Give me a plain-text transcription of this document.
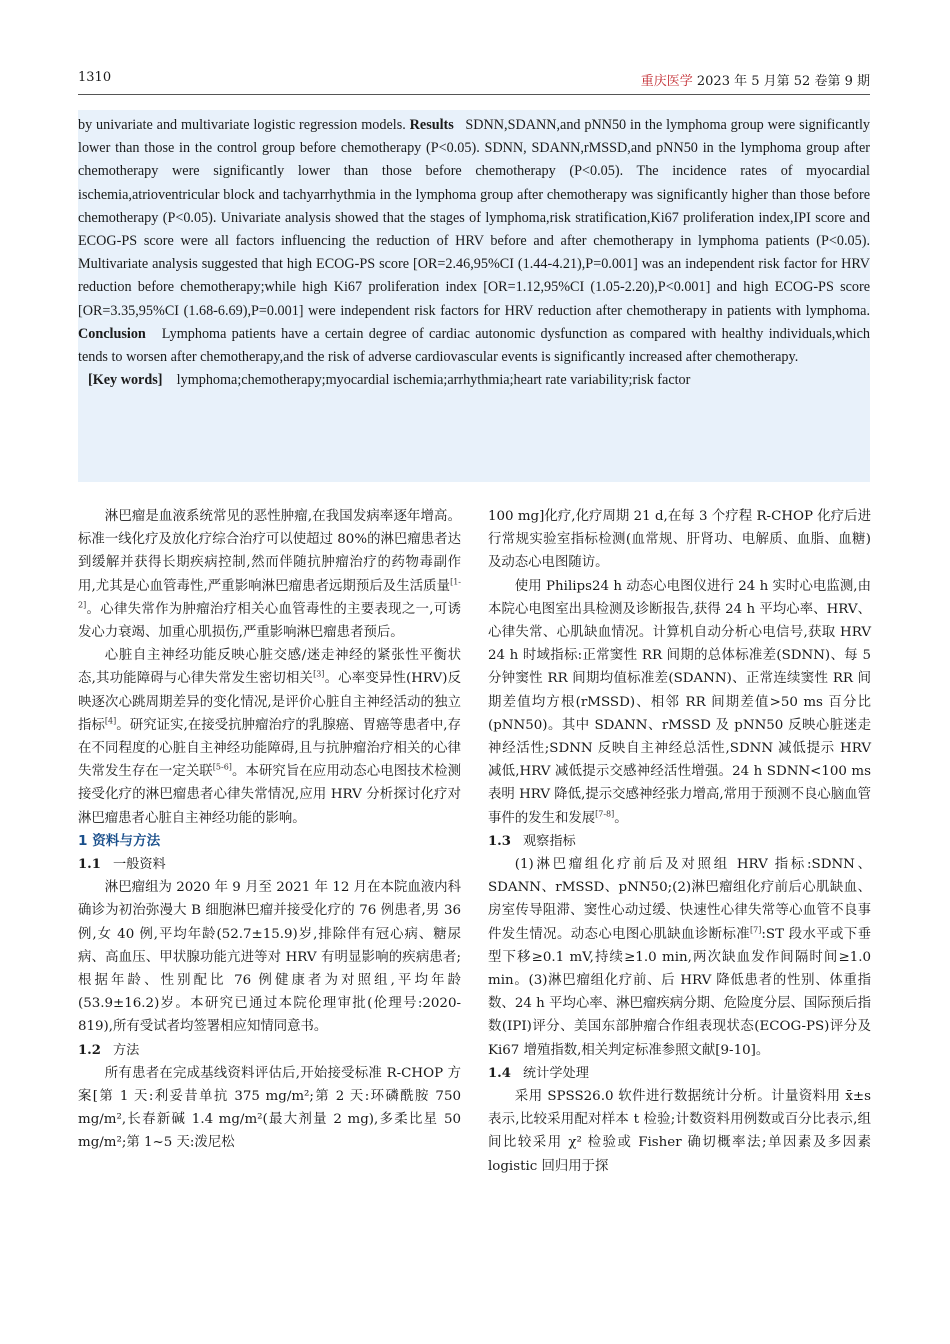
1310	重庆医学 2023 年 5 月第 52 卷第 9 期

by univariate and multivariate logistic regression models. Results SDNN,SDANN,and pNN50 in the lymphoma group were significantly lower than those in the control group before chemotherapy (P<0.05). SDNN, SDANN,rMSSD,and pNN50 in the lymphoma group after chemotherapy were significantly lower than those before chemotherapy (P<0.05). The incidence rates of myocardial ischemia,atrioventricular block and tachyarrhythmia in the lymphoma group after chemotherapy was significantly higher than those before chemotherapy (P<0.05). Univariate analysis showed that the stages of lymphoma,risk stratification,Ki67 proliferation index,IPI score and ECOG-PS score were all factors influencing the reduction of HRV before and after chemotherapy in lymphoma patients (P<0.05). Multivariate analysis suggested that high ECOG-PS score [OR=2.46,95%CI (1.44-4.21),P=0.001] was an independent risk factor for HRV reduction before chemotherapy;while high Ki67 proliferation index [OR=1.12,95%CI (1.05-2.20),P<0.001] and high ECOG-PS score [OR=3.35,95%CI (1.68-6.69),P=0.001] were independent risk factors for HRV reduction after chemotherapy in patients with lymphoma. Conclusion Lymphoma patients have a certain degree of cardiac autonomic dysfunction as compared with healthy individuals,which tends to worsen after chemotherapy,and the risk of adverse cardiovascular events is significantly increased after chemotherapy.

[Key words] lymphoma;chemotherapy;myocardial ischemia;arrhythmia;heart rate variability;risk factor

淋巴瘤是血液系统常见的恶性肿瘤,在我国发病率逐年增高。标准一线化疗及放化疗综合治疗可以使超过 80%的淋巴瘤患者达到缓解并获得长期疾病控制,然而伴随抗肿瘤治疗的药物毒副作用,尤其是心血管毒性,严重影响淋巴瘤患者远期预后及生活质量[1-2]。心律失常作为肿瘤治疗相关心血管毒性的主要表现之一,可诱发心力衰竭、加重心肌损伤,严重影响淋巴瘤患者预后。

心脏自主神经功能反映心脏交感/迷走神经的紧张性平衡状态,其功能障碍与心律失常发生密切相关[3]。心率变异性(HRV)反映逐次心跳周期差异的变化情况,是评价心脏自主神经活动的独立指标[4]。研究证实,在接受抗肿瘤治疗的乳腺癌、胃癌等患者中,存在不同程度的心脏自主神经功能障碍,且与抗肿瘤治疗相关的心律失常发生存在一定关联[5-6]。本研究旨在应用动态心电图技术检测接受化疗的淋巴瘤患者心律失常情况,应用 HRV 分析探讨化疗对淋巴瘤患者心脏自主神经功能的影响。

1 资料与方法
1.1 一般资料

淋巴瘤组为 2020 年 9 月至 2021 年 12 月在本院血液内科确诊为初治弥漫大 B 细胞淋巴瘤并接受化疗的 76 例患者,男 36 例,女 40 例,平均年龄(52.7±15.9)岁,排除伴有冠心病、糖尿病、高血压、甲状腺功能亢进等对 HRV 有明显影响的疾病患者;根据年龄、性别配比 76 例健康者为对照组,平均年龄(53.9±16.2)岁。本研究已通过本院伦理审批(伦理号:2020-819),所有受试者均签署相应知情同意书。

1.2 方法

所有患者在完成基线资料评估后,开始接受标准 R-CHOP 方案[第 1 天:利妥昔单抗 375 mg/m²;第 2 天:环磷酰胺 750 mg/m²,长春新碱 1.4 mg/m²(最大剂量 2 mg),多柔比星 50 mg/m²;第 1~5 天:泼尼松

100 mg]化疗,化疗周期 21 d,在每 3 个疗程 R-CHOP 化疗后进行常规实验室指标检测(血常规、肝肾功、电解质、血脂、血糖)及动态心电图随访。

使用 Philips24 h 动态心电图仪进行 24 h 实时心电监测,由本院心电图室出具检测及诊断报告,获得 24 h 平均心率、HRV、心律失常、心肌缺血情况。计算机自动分析心电信号,获取 HRV 24 h 时域指标:正常窦性 RR 间期的总体标准差(SDNN)、每 5 分钟窦性 RR 间期均值标准差(SDANN)、正常连续窦性 RR 间期差值均方根(rMSSD)、相邻 RR 间期差值>50 ms 百分比(pNN50)。其中 SDANN、rMSSD 及 pNN50 反映心脏迷走神经活性;SDNN 反映自主神经总活性,SDNN 减低提示 HRV 减低,HRV 减低提示交感神经活性增强。24 h SDNN<100 ms 表明 HRV 降低,提示交感神经张力增高,常用于预测不良心脑血管事件的发生和发展[7-8]。

1.3 观察指标

(1)淋巴瘤组化疗前后及对照组 HRV 指标:SDNN、SDANN、rMSSD、pNN50;(2)淋巴瘤组化疗前后心肌缺血、房室传导阻滞、窦性心动过缓、快速性心律失常等心血管不良事件发生情况。动态心电图心肌缺血诊断标准[7]:ST 段水平或下垂型下移≥0.1 mV,持续≥1.0 min,两次缺血发作间隔时间≥1.0 min。(3)淋巴瘤组化疗前、后 HRV 降低患者的性别、体重指数、24 h 平均心率、淋巴瘤疾病分期、危险度分层、国际预后指数(IPI)评分、美国东部肿瘤合作组表现状态(ECOG-PS)评分及 Ki67 增殖指数,相关判定标准参照文献[9-10]。

1.4 统计学处理

采用 SPSS26.0 软件进行数据统计分析。计量资料用 x̄±s 表示,比较采用配对样本 t 检验;计数资料用例数或百分比表示,组间比较采用 χ² 检验或 Fisher 确切概率法;单因素及多因素 logistic 回归用于探
